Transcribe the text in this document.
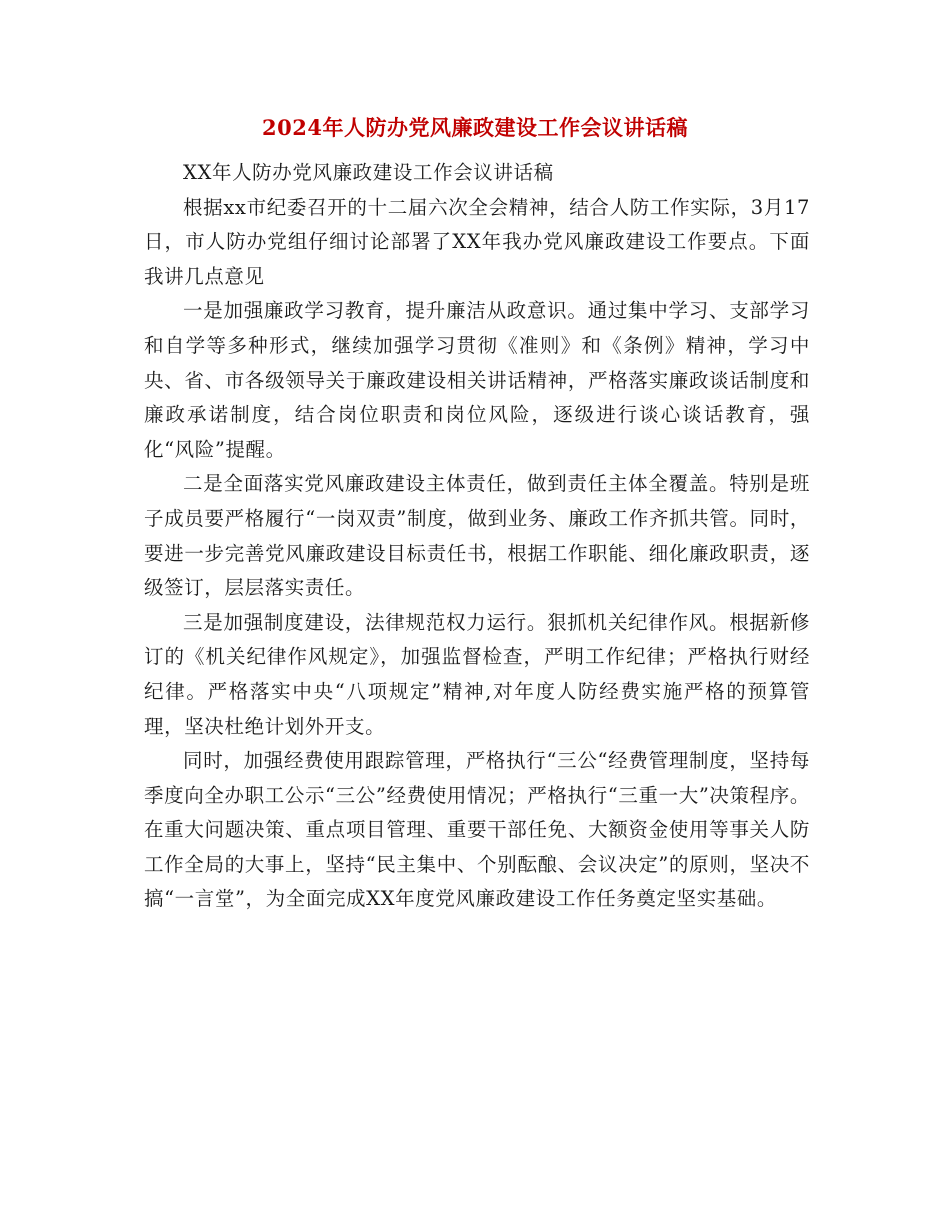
2024年人防办党风廉政建设工作会议讲话稿

XX年人防办党风廉政建设工作会议讲话稿

根据xx市纪委召开的十二届六次全会精神，结合人防工作实际，3月17日，市人防办党组仔细讨论部署了XX年我办党风廉政建设工作要点。下面我讲几点意见

一是加强廉政学习教育，提升廉洁从政意识。通过集中学习、支部学习和自学等多种形式，继续加强学习贯彻《准则》和《条例》精神，学习中央、省、市各级领导关于廉政建设相关讲话精神，严格落实廉政谈话制度和廉政承诺制度，结合岗位职责和岗位风险，逐级进行谈心谈话教育，强化“风险”提醒。

二是全面落实党风廉政建设主体责任，做到责任主体全覆盖。特别是班子成员要严格履行“一岗双责”制度，做到业务、廉政工作齐抓共管。同时，要进一步完善党风廉政建设目标责任书，根据工作职能、细化廉政职责，逐级签订，层层落实责任。

三是加强制度建设，法律规范权力运行。狠抓机关纪律作风。根据新修订的《机关纪律作风规定》，加强监督检查，严明工作纪律；严格执行财经纪律。严格落实中央“八项规定”精神,对年度人防经费实施严格的预算管理，坚决杜绝计划外开支。

同时，加强经费使用跟踪管理，严格执行“三公“经费管理制度，坚持每季度向全办职工公示“三公”经费使用情况；严格执行“三重一大”决策程序。在重大问题决策、重点项目管理、重要干部任免、大额资金使用等事关人防工作全局的大事上，坚持“民主集中、个别酝酿、会议决定”的原则，坚决不搞“一言堂”，为全面完成XX年度党风廉政建设工作任务奠定坚实基础。
